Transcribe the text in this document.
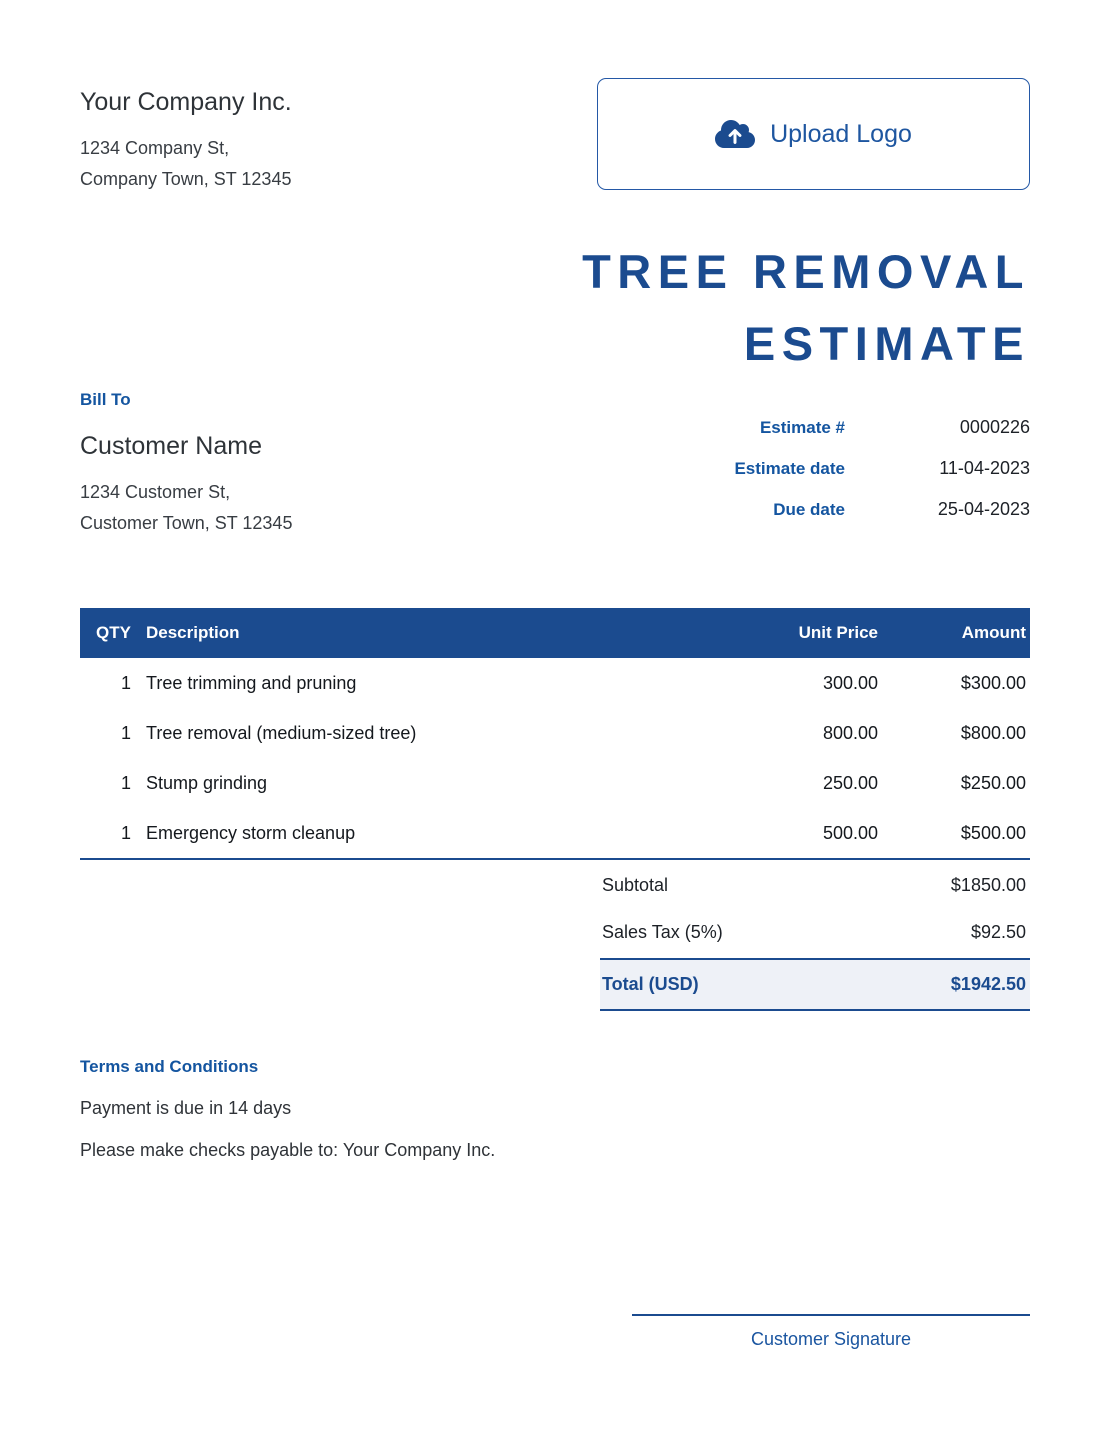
Your Company Inc.
1234 Company St,
Company Town, ST 12345
Upload Logo
TREE REMOVAL
ESTIMATE
Bill To
Customer Name
1234 Customer St,
Customer Town, ST 12345
Estimate #	0000226
Estimate date	11-04-2023
Due date	25-04-2023
QTY Description	Unit Price	Amount
1 Tree trimming and pruning	300.00	$300.00
1 Tree removal (medium-sized tree)	800.00	$800.00
1 Stump grinding	250.00	$250.00
1 Emergency storm cleanup	500.00	$500.00
Subtotal	$1850.00
Sales Tax (5%)	$92.50
Total (USD)	$1942.50
Terms and Conditions
Payment is due in 14 days
Please make checks payable to: Your Company Inc.
Customer Signature
